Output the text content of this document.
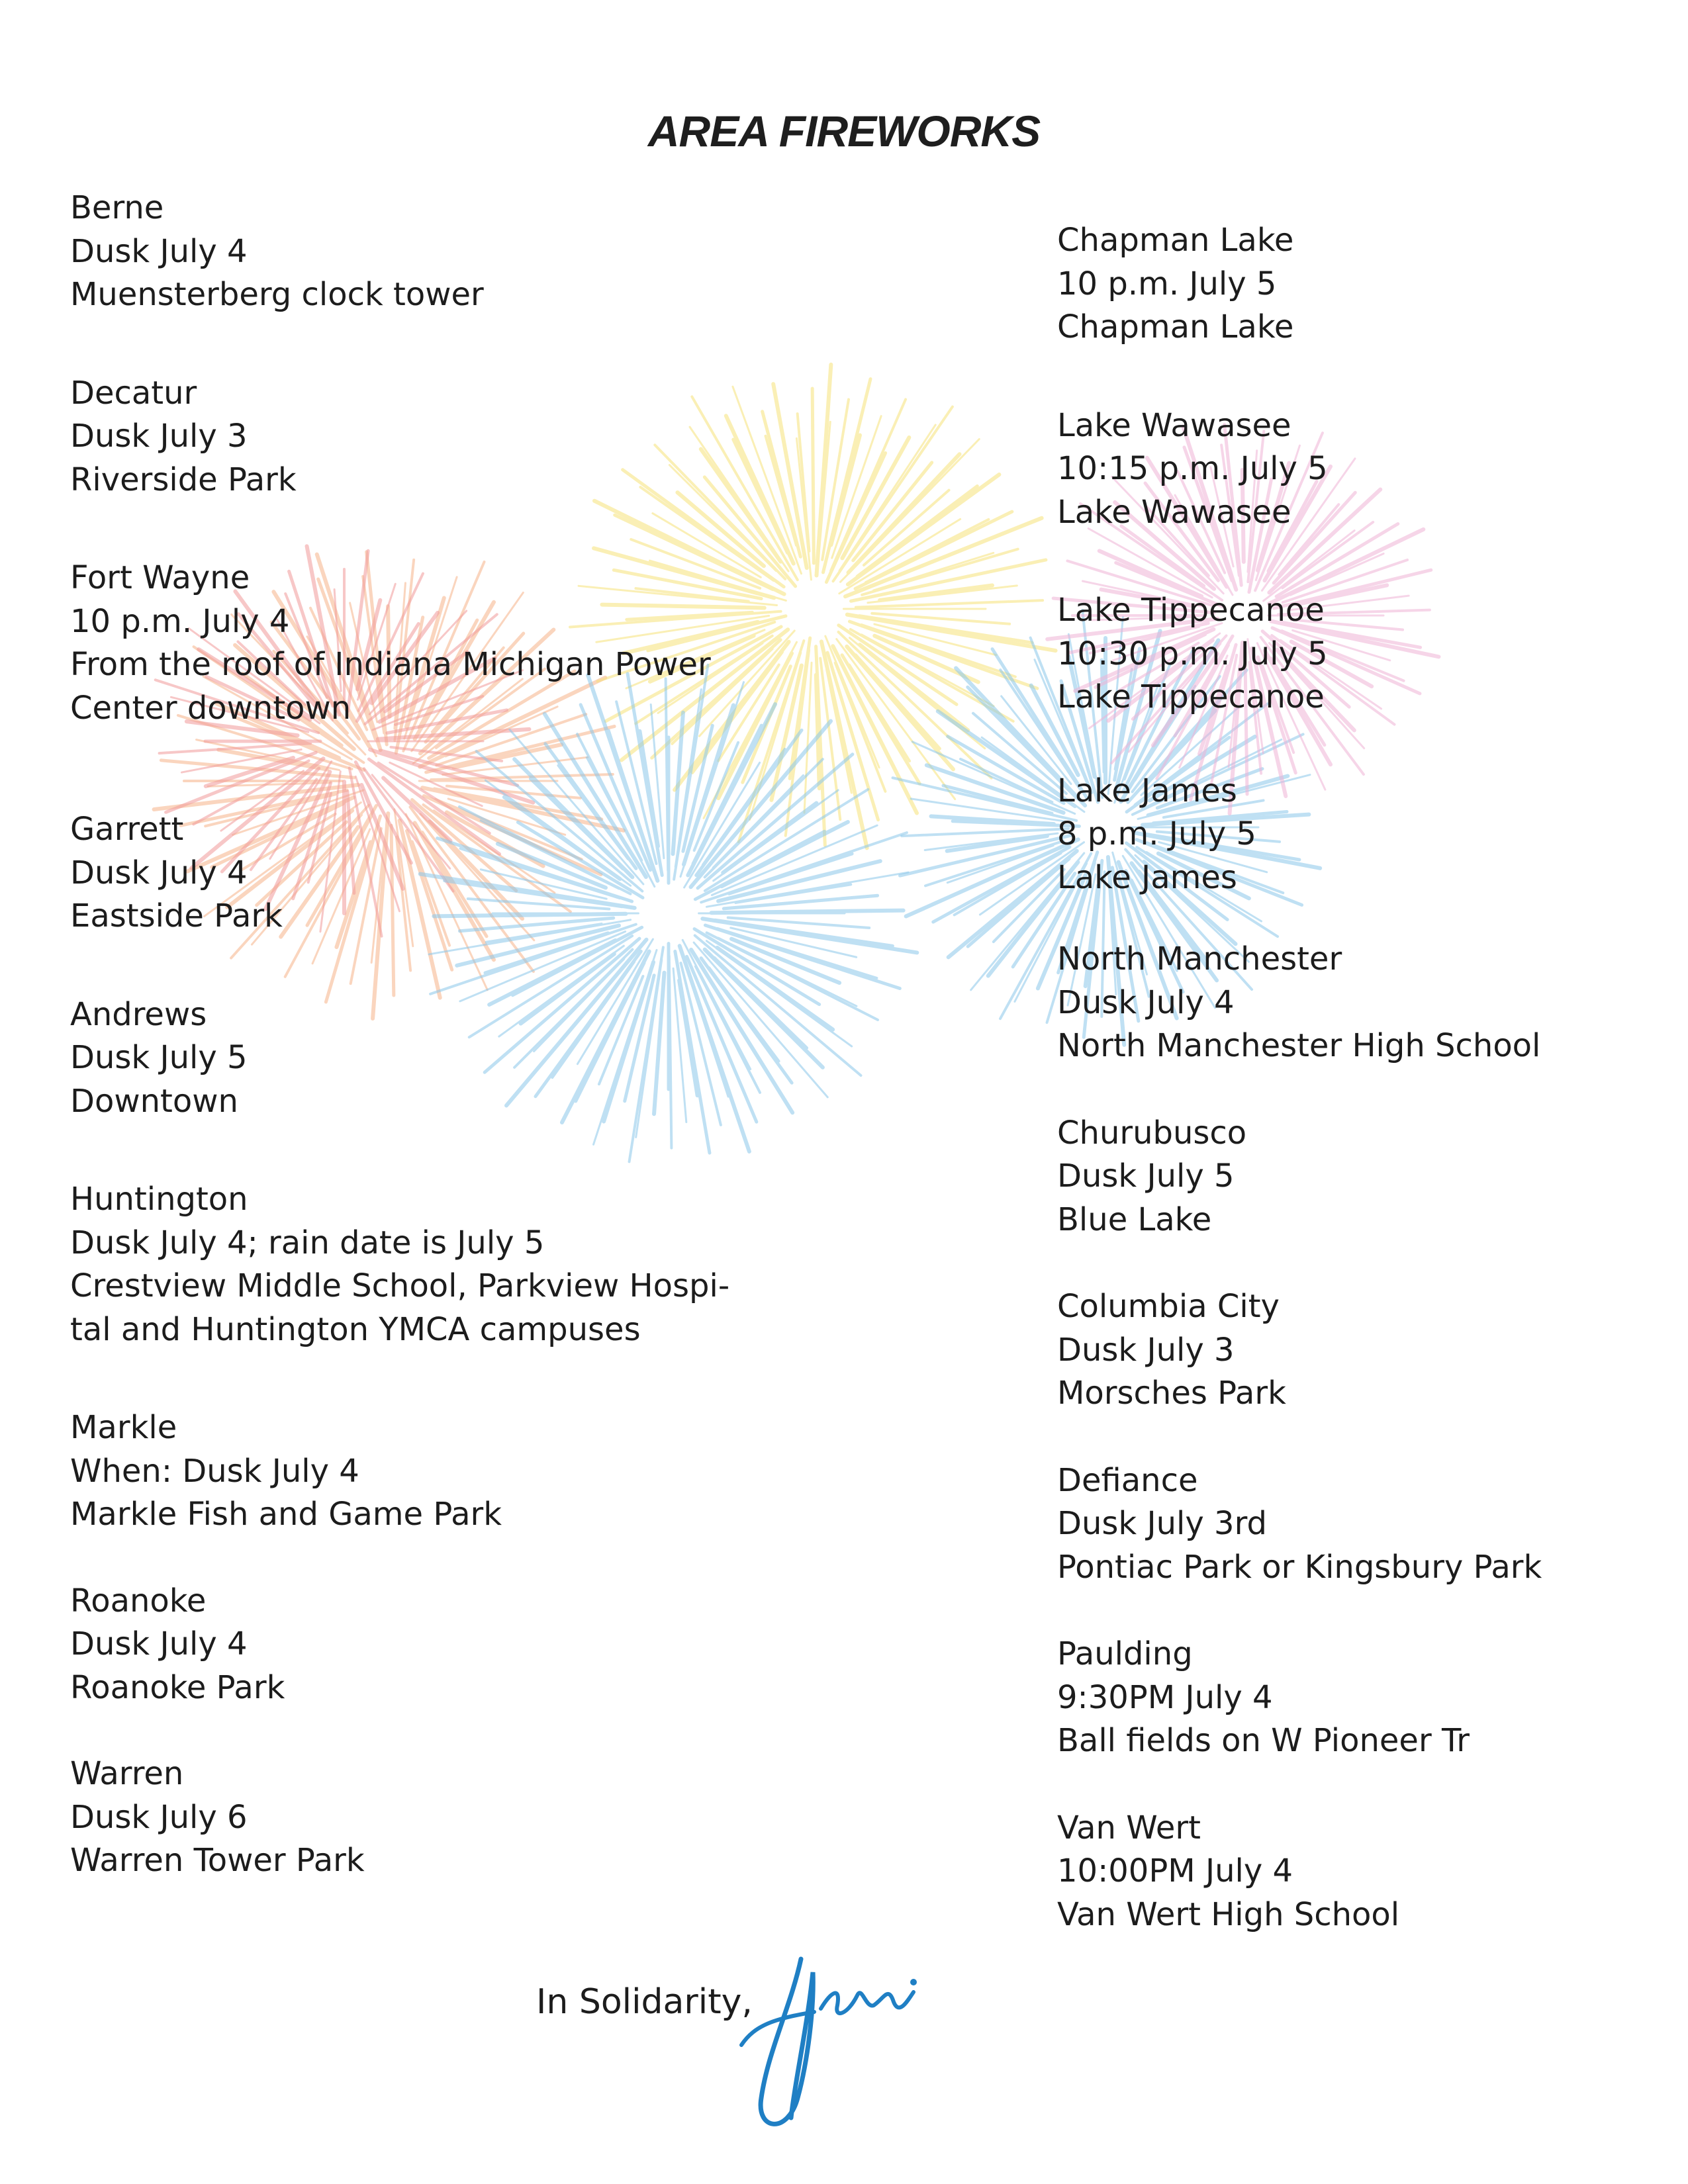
AREA FIREWORKS
Berne
Dusk July 4
Muensterberg clock tower
Decatur
Dusk July 3
Riverside Park
Fort Wayne
10 p.m. July 4
From the roof of Indiana Michigan Power
Center downtown
Garrett
Dusk July 4
Eastside Park
Andrews
Dusk July 5
Downtown
Huntington
Dusk July 4; rain date is July 5
Crestview Middle School, Parkview Hospi-
tal and Huntington YMCA campuses
Markle
When: Dusk July 4
Markle Fish and Game Park
Roanoke
Dusk July 4
Roanoke Park
Warren
Dusk July 6
Warren Tower Park
Chapman Lake
10 p.m. July 5
Chapman Lake
Lake Wawasee
10:15 p.m. July 5
Lake Wawasee
Lake Tippecanoe
10:30 p.m. July 5
Lake Tippecanoe
Lake James
8 p.m. July 5
Lake James
North Manchester
Dusk July 4
North Manchester High School
Churubusco
Dusk July 5
Blue Lake
Columbia City
Dusk July 3
Morsches Park
Defiance
Dusk July 3rd
Pontiac Park or Kingsbury Park
Paulding
9:30PM July 4
Ball fields on W Pioneer Tr
Van Wert
10:00PM July 4
Van Wert High School
In Solidarity,
